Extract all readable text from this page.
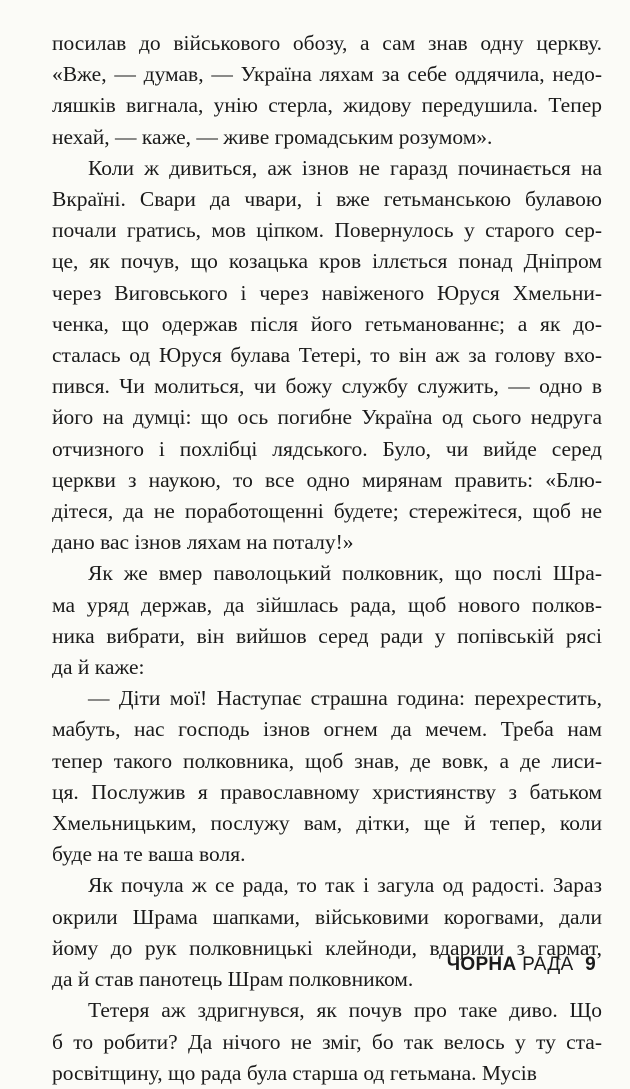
посилав до військового обозу, а сам знав одну церкву.
«Вже, — думав, — Україна ляхам за себе оддячила, недо-
ляшків вигнала, унію стерла, жидову передушила. Тепер
нехай, — каже, — живе громадським розумом».
Коли ж дивиться, аж ізнов не гаразд починається на
Вкраїні. Свари да чвари, і вже гетьманською булавою
почали гратись, мов ціпком. Повернулось у старого сер-
це, як почув, що козацька кров іллється понад Дніпром
через Виговського і через навіженого Юруся Хмельни-
ченка, що одержав після його гетьманованнє; а як до-
сталась од Юруся булава Тетері, то він аж за голову вхо-
пився. Чи молиться, чи божу службу служить, — одно в
його на думці: що ось погибне Україна од сього недруга
отчизного і похлібці лядського. Було, чи вийде серед
церкви з наукою, то все одно мирянам править: «Блю-
дітеся, да не поработощенні будете; стережітеся, щоб не
дано вас ізнов ляхам на поталу!»
Як же вмер паволоцький полковник, що послі Шра-
ма уряд держав, да зійшлась рада, щоб нового полков-
ника вибрати, він вийшов серед ради у попівській рясі
да й каже:
— Діти мої! Наступає страшна година: перехрестить,
мабуть, нас господь ізнов огнем да мечем. Треба нам
тепер такого полковника, щоб знав, де вовк, а де лиси-
ця. Послужив я православному християнству з батьком
Хмельницьким, послужу вам, дітки, ще й тепер, коли
буде на те ваша воля.
Як почула ж се рада, то так і загула од радості. Зараз
окрили Шрама шапками, військовими корогвами, дали
йому до рук полковницькі клейноди, вдарили з гармат,
да й став панотець Шрам полковником.
Тетеря аж здригнувся, як почув про таке диво. Що
б то робити? Да нічого не зміг, бо так велось у ту ста-
росвітщину, що рада була старша од гетьмана. Мусів
ЧОРНА РАДА 9
